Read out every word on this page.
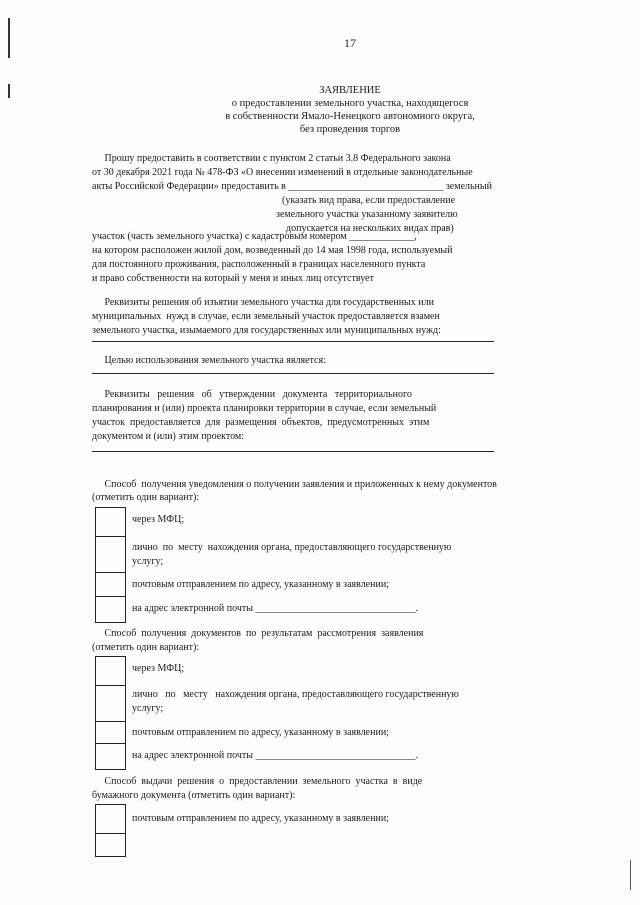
17
ЗАЯВЛЕНИЕ
о предоставлении земельного участка, находящегося
в собственности Ямало-Ненецкого автономного округа,
без проведения торгов
Прошу предоставить в соответствии с пунктом 2 статьи 3.8 Федерального закона
от 30 декабря 2021 года № 478-ФЗ «О внесении изменений в отдельные законодательные
акты Российской Федерации» предоставить в _______________________________ земельный
(указать вид права, если предоставление
земельного участка указанному заявителю
допускается на нескольких видах прав)
участок (часть земельного участка) с кадастровым номером _____________,
на котором расположен жилой дом, возведенный до 14 мая 1998 года, используемый
для постоянного проживания, расположенный в границах населенного пункта
и право собственности на который у меня и иных лиц отсутствует
Реквизиты решения об изъятии земельного участка для государственных или
муниципальных  нужд в случае, если земельный участок предоставляется взамен
земельного участка, изымаемого для государственных или муниципальных нужд:
Целью использования земельного участка является:
Реквизиты   решения   об   утверждении   документа   территориального
планирования и (или) проекта планировки территории в случае, если земельный
участок  предоставляется  для  размещения  объектов,  предусмотренных  этим
документом и (или) этим проектом:
Способ  получения уведомления о получении заявления и приложенных к нему документов
(отметить один вариант):
через МФЦ;
лично  по  месту  нахождения органа, предоставляющего государственную
услугу;
почтовым отправлением по адресу, указанному в заявлении;
на адрес электронной почты ________________________________.
Способ  получения  документов  по  результатам  рассмотрения  заявления
(отметить один вариант):
через МФЦ;
лично   по   месту   нахождения органа, предоставляющего государственную
услугу;
почтовым отправлением по адресу, указанному в заявлении;
на адрес электронной почты ________________________________.
Способ  выдачи  решения  о  предоставлении  земельного  участка  в  виде
бумажного документа (отметить один вариант):
почтовым отправлением по адресу, указанному в заявлении;
